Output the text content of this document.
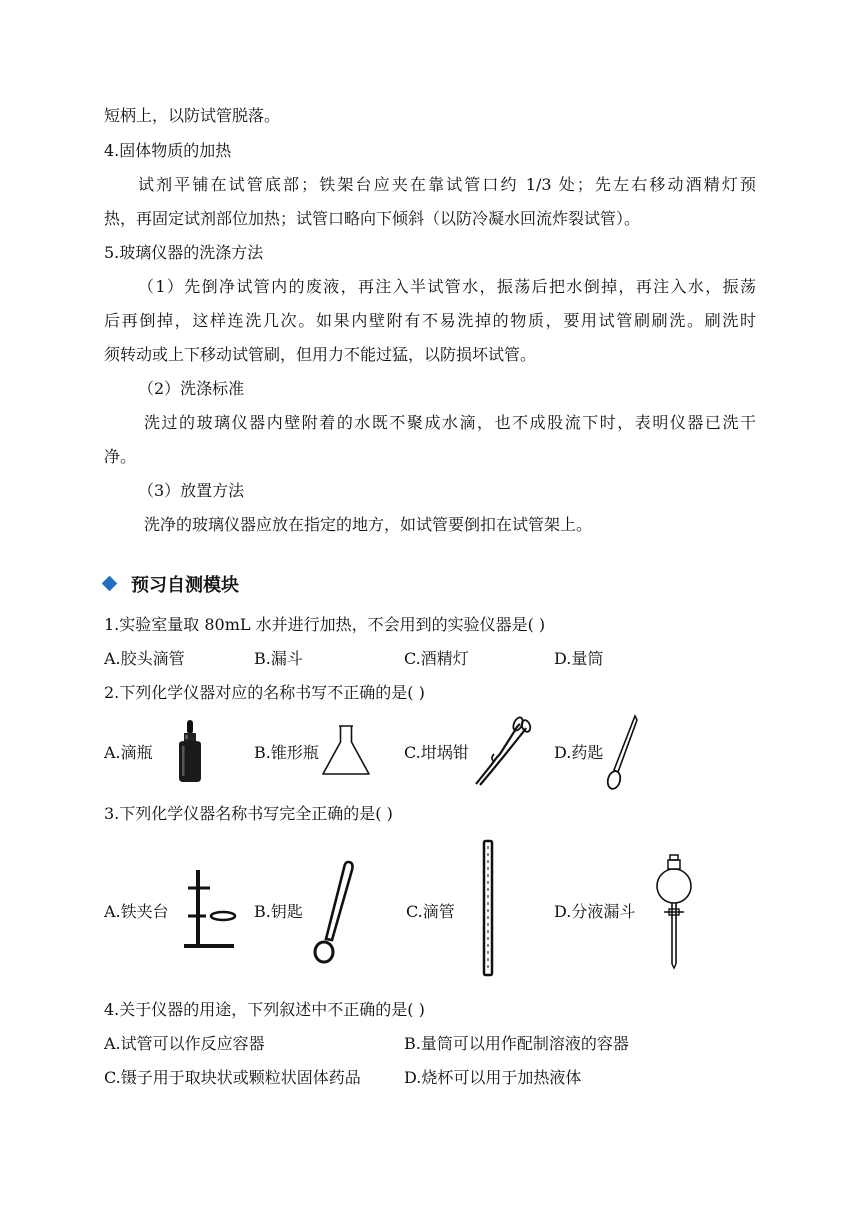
短柄上，以防试管脱落。
4.固体物质的加热
试剂平铺在试管底部；铁架台应夹在靠试管口约 1/3 处；先左右移动酒精灯预
热，再固定试剂部位加热；试管口略向下倾斜（以防冷凝水回流炸裂试管）。
5.玻璃仪器的洗涤方法
（1）先倒净试管内的废液，再注入半试管水，振荡后把水倒掉，再注入水，振荡
后再倒掉，这样连洗几次。如果内壁附有不易洗掉的物质，要用试管刷刷洗。刷洗时
须转动或上下移动试管刷，但用力不能过猛，以防损坏试管。
（2）洗涤标准
洗过的玻璃仪器内壁附着的水既不聚成水滴，也不成股流下时，表明仪器已洗干
净。
（3）放置方法
洗净的玻璃仪器应放在指定的地方，如试管要倒扣在试管架上。
预习自测模块
1.实验室量取 80mL 水并进行加热，不会用到的实验仪器是( )
A.胶头滴管	B.漏斗	C.酒精灯	D.量筒
2.下列化学仪器对应的名称书写不正确的是( )
A.滴瓶	B.锥形瓶	C.坩埚钳	D.药匙
3.下列化学仪器名称书写完全正确的是( )
A.铁夹台	B.钥匙	C.滴管	D.分液漏斗
4.关于仪器的用途，下列叙述中不正确的是( )
A.试管可以作反应容器	B.量筒可以用作配制溶液的容器
C.镊子用于取块状或颗粒状固体药品	D.烧杯可以用于加热液体
